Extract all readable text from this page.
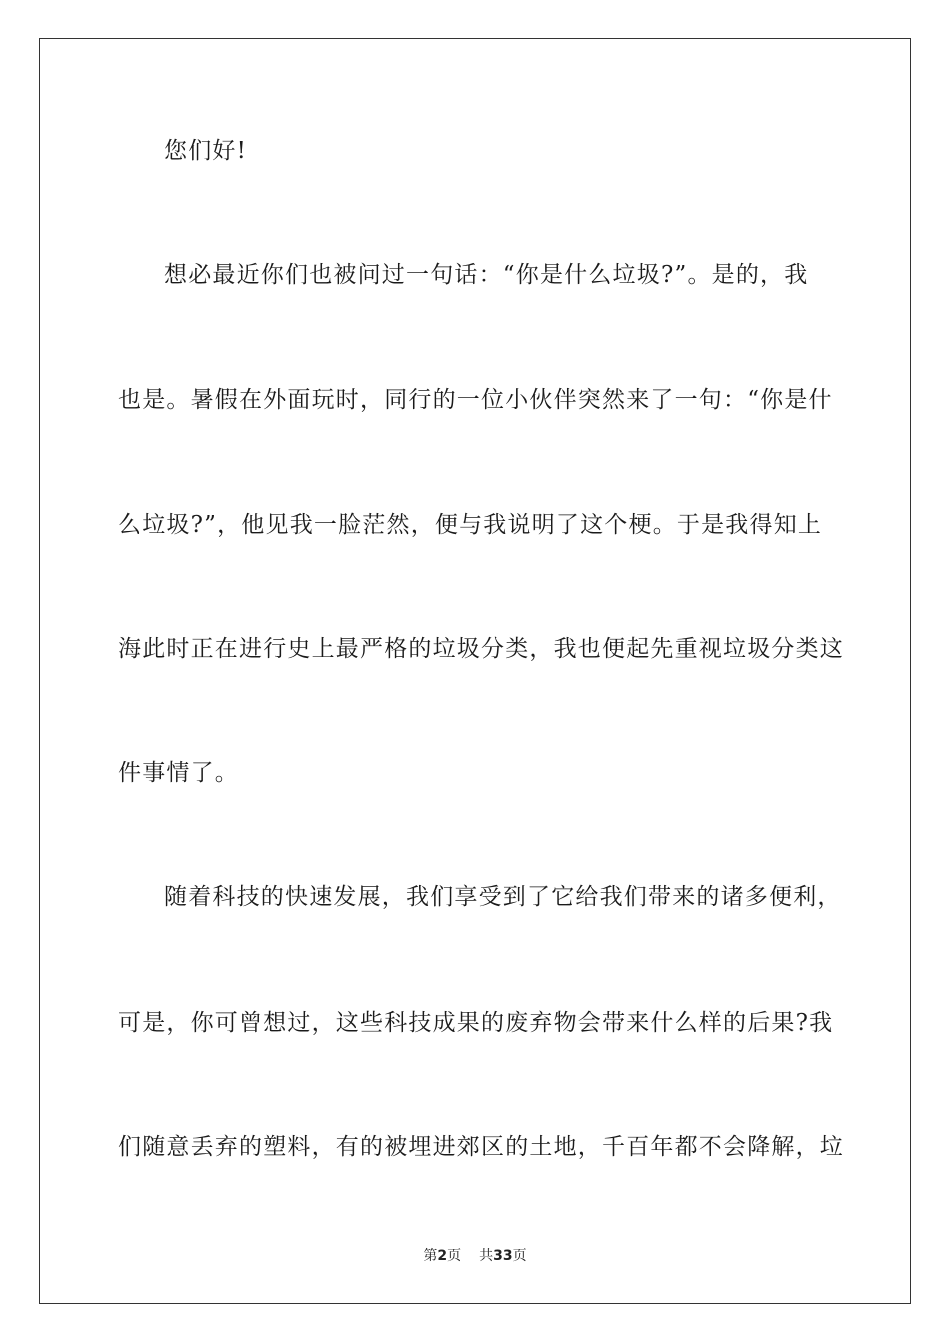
您们好!
想必最近你们也被问过一句话：“你是什么垃圾?”。是的，我
也是。暑假在外面玩时，同行的一位小伙伴突然来了一句：“你是什
么垃圾?”，他见我一脸茫然，便与我说明了这个梗。于是我得知上
海此时正在进行史上最严格的垃圾分类，我也便起先重视垃圾分类这
件事情了。
随着科技的快速发展，我们享受到了它给我们带来的诸多便利，
可是，你可曾想过，这些科技成果的废弃物会带来什么样的后果?我
们随意丢弃的塑料，有的被埋进郊区的土地，千百年都不会降解，垃
第2页 共33页
